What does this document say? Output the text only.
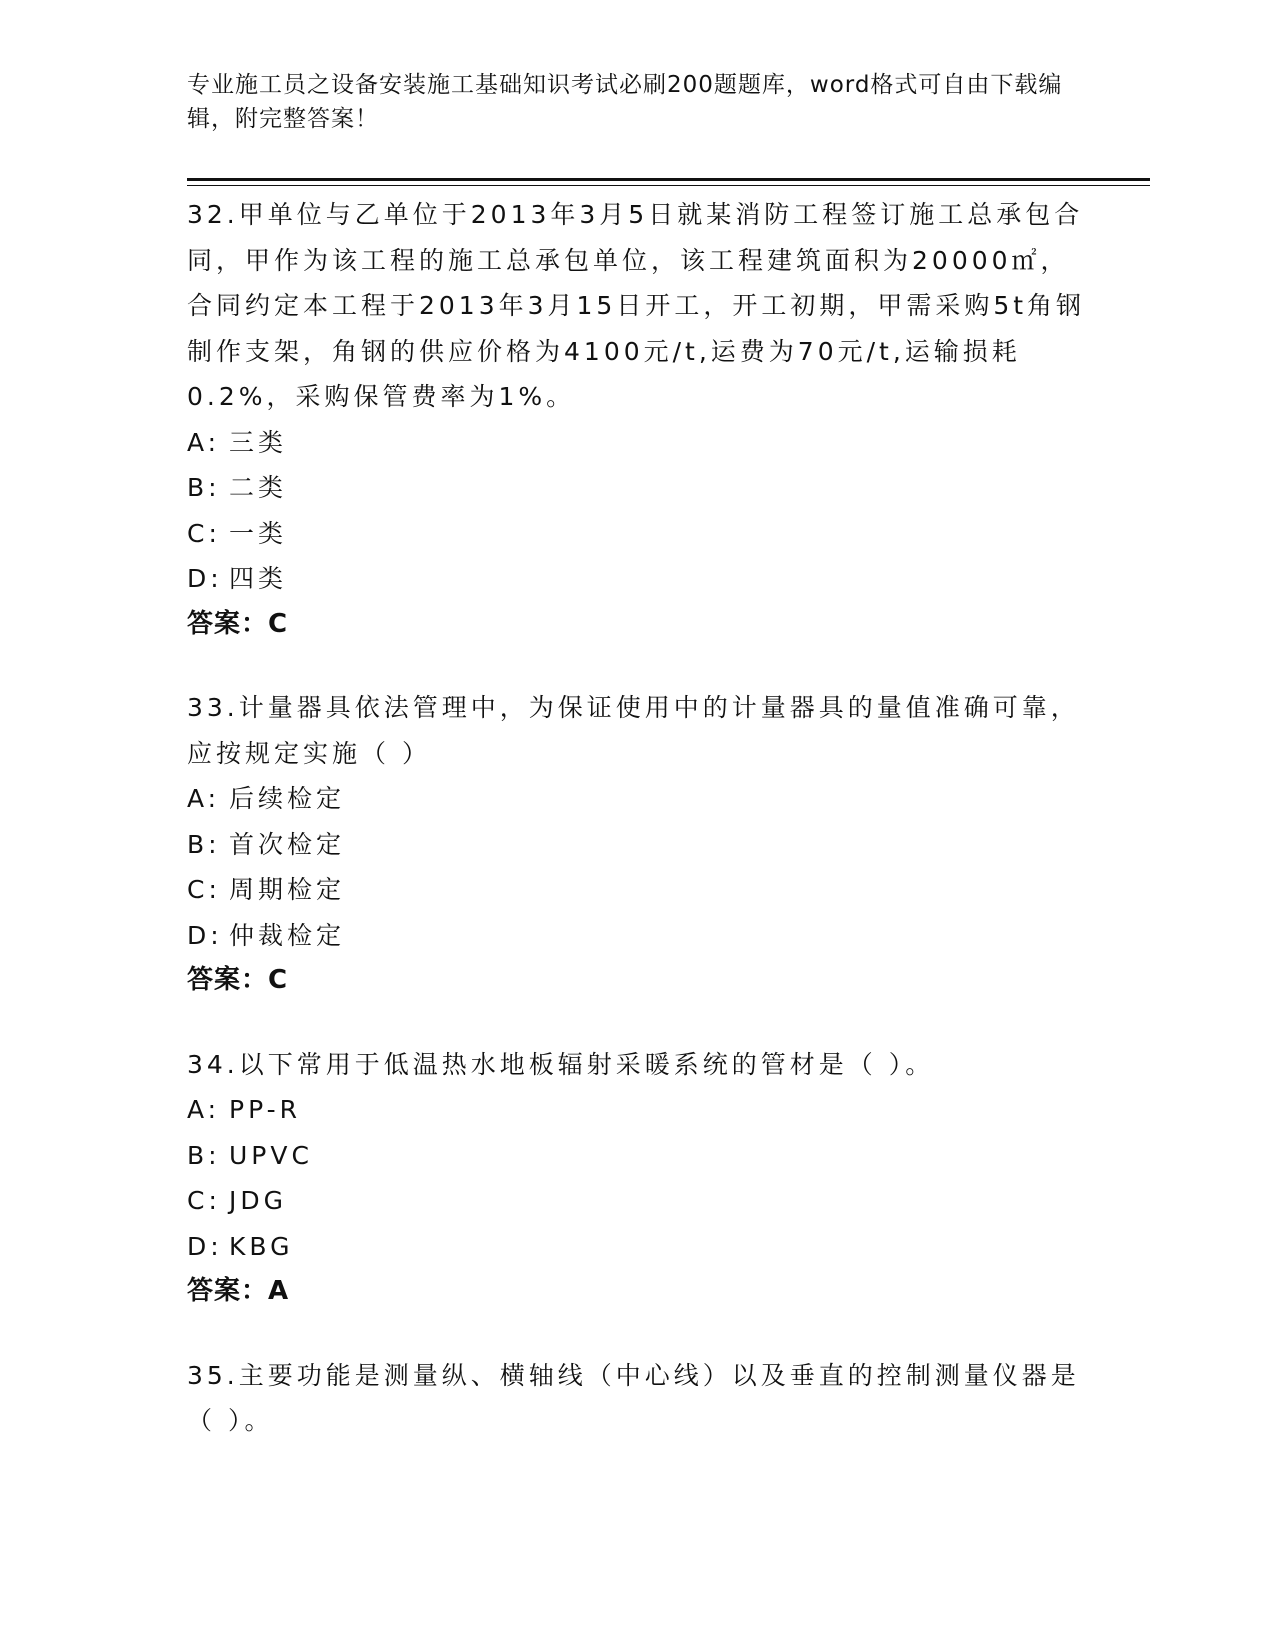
专业施工员之设备安装施工基础知识考试必刷200题题库，word格式可自由下载编辑，附完整答案！
32.甲单位与乙单位于2013年3月5日就某消防工程签订施工总承包合同，甲作为该工程的施工总承包单位，该工程建筑面积为20000㎡，合同约定本工程于2013年3月15日开工，开工初期，甲需采购5t角钢制作支架，角钢的供应价格为4100元/t,运费为70元/t,运输损耗0.2%，采购保管费率为1%。
A: 三类
B: 二类
C: 一类
D: 四类
答案：C
33.计量器具依法管理中，为保证使用中的计量器具的量值准确可靠，应按规定实施（ ）
A: 后续检定
B: 首次检定
C: 周期检定
D: 仲裁检定
答案：C
34.以下常用于低温热水地板辐射采暖系统的管材是（ ）。
A: PP-R
B: UPVC
C: JDG
D: KBG
答案：A
35.主要功能是测量纵、横轴线（中心线）以及垂直的控制测量仪器是（ ）。
